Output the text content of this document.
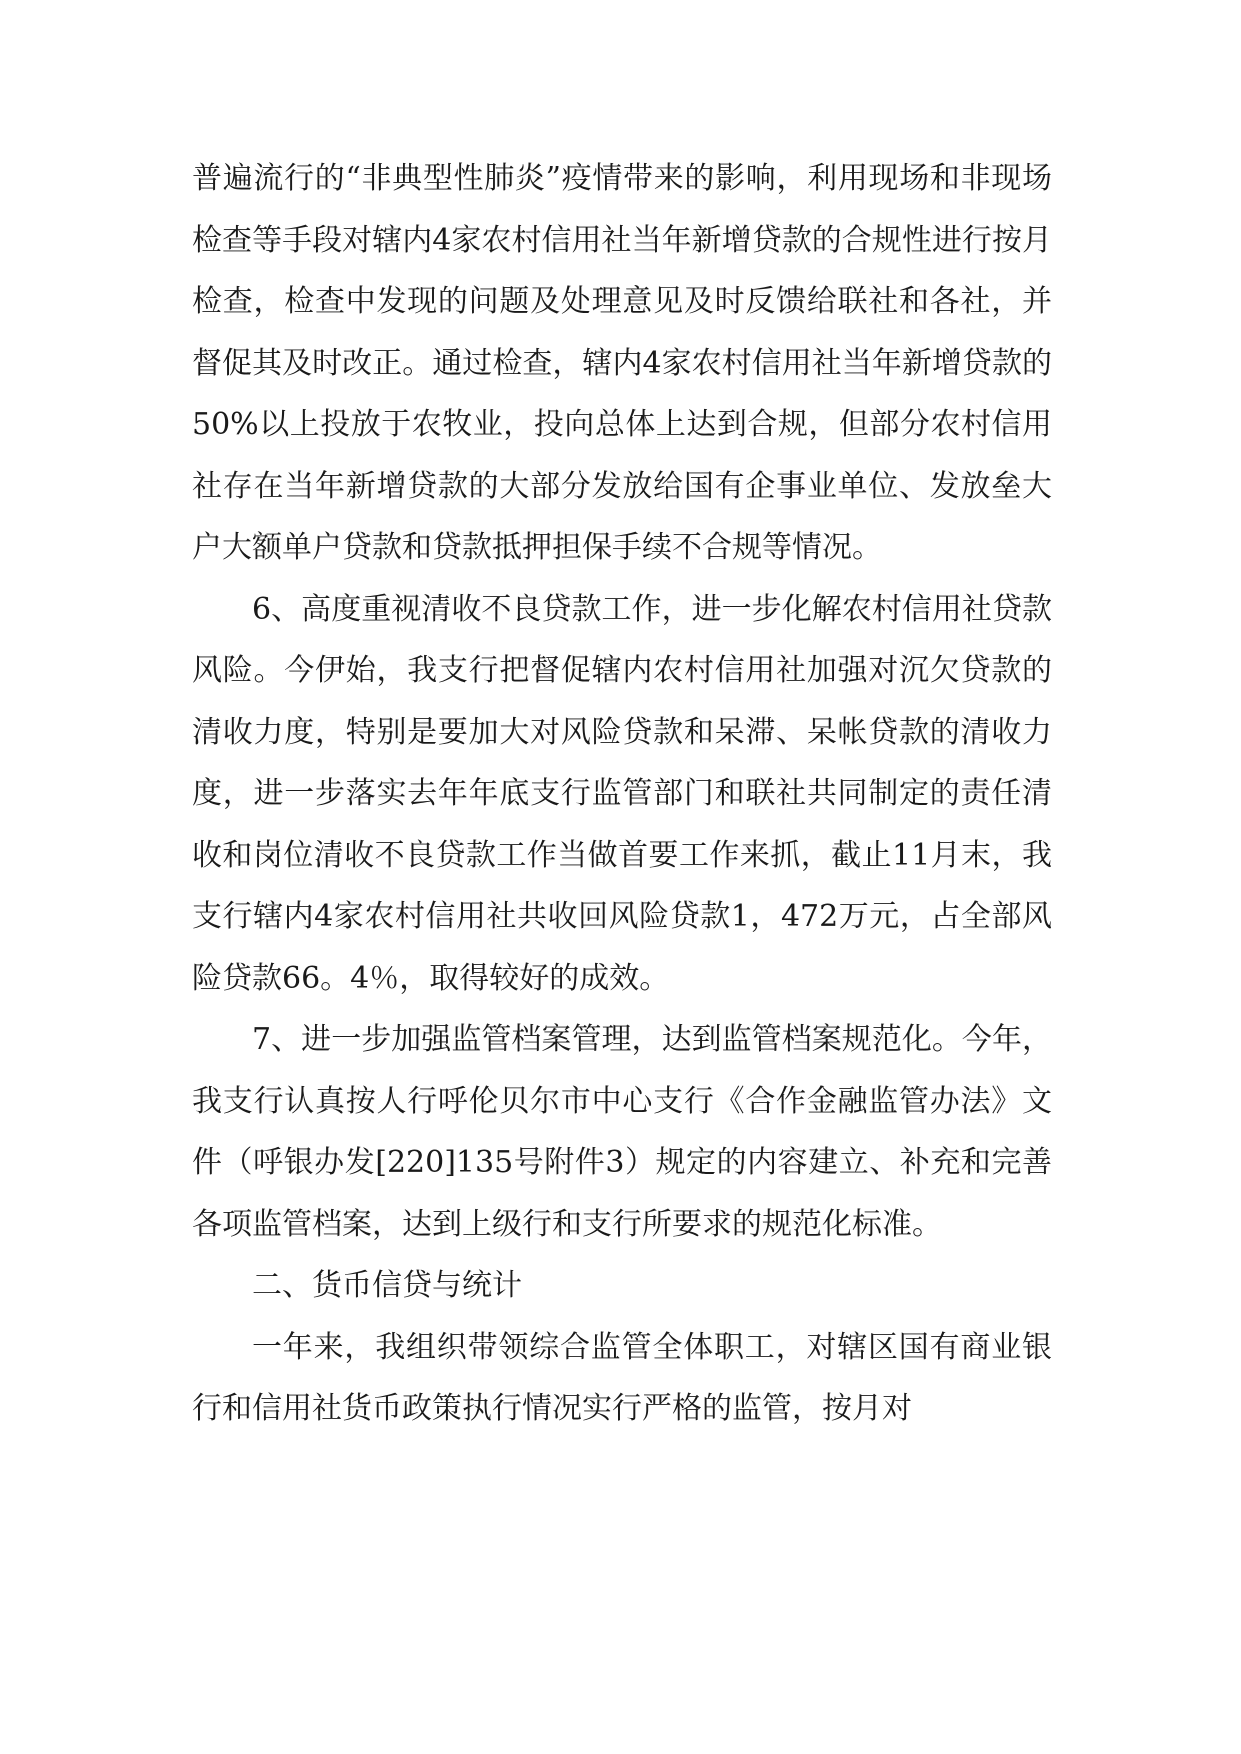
普遍流行的“非典型性肺炎”疫情带来的影响，利用现场和非现场检查等手段对辖内4家农村信用社当年新增贷款的合规性进行按月检查，检查中发现的问题及处理意见及时反馈给联社和各社，并督促其及时改正。通过检查，辖内4家农村信用社当年新增贷款的50%以上投放于农牧业，投向总体上达到合规，但部分农村信用社存在当年新增贷款的大部分发放给国有企事业单位、发放垒大户大额单户贷款和贷款抵押担保手续不合规等情况。

6、高度重视清收不良贷款工作，进一步化解农村信用社贷款风险。今伊始，我支行把督促辖内农村信用社加强对沉欠贷款的清收力度，特别是要加大对风险贷款和呆滞、呆帐贷款的清收力度，进一步落实去年年底支行监管部门和联社共同制定的责任清收和岗位清收不良贷款工作当做首要工作来抓，截止11月末，我支行辖内4家农村信用社共收回风险贷款1，472万元，占全部风险贷款66。4％，取得较好的成效。

7、进一步加强监管档案管理，达到监管档案规范化。今年，我支行认真按人行呼伦贝尔市中心支行《合作金融监管办法》文件（呼银办发[220]135号附件3）规定的内容建立、补充和完善各项监管档案，达到上级行和支行所要求的规范化标准。

二、货币信贷与统计

一年来，我组织带领综合监管全体职工，对辖区国有商业银行和信用社货币政策执行情况实行严格的监管，按月对
